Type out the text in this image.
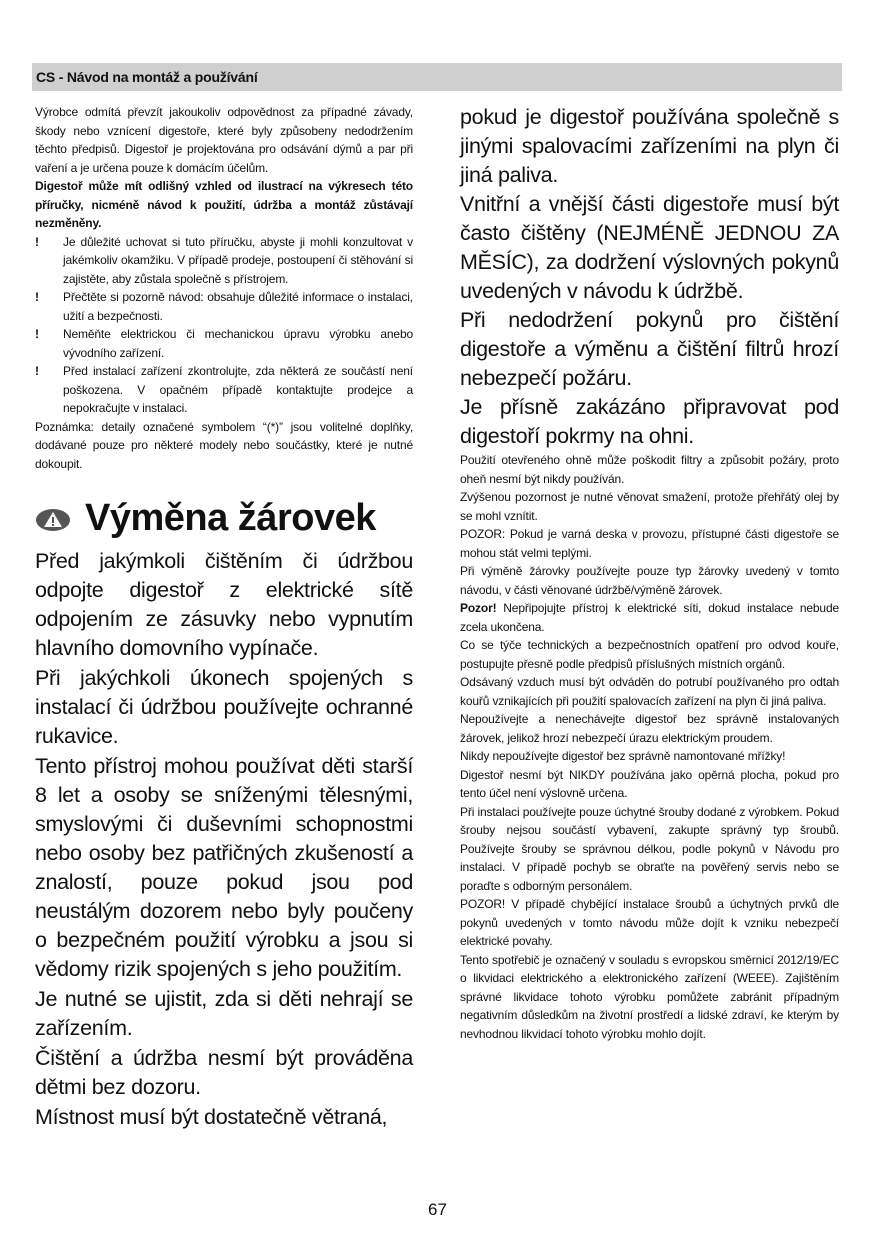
CS - Návod na montáž a používání

Výrobce odmítá převzít jakoukoliv odpovědnost za případné závady, škody nebo vznícení digestoře, které byly způsobeny nedodržením těchto předpisů. Digestoř je projektována pro odsávání dýmů a par při vaření a je určena pouze k domácím účelům.

Digestoř může mít odlišný vzhled od ilustrací na výkresech této příručky, nicméně návod k použití, údržba a montáž zůstávají nezměněny.

! Je důležité uchovat si tuto příručku, abyste ji mohli konzultovat v jakémkoliv okamžiku. V případě prodeje, postoupení či stěhování si zajistěte, aby zůstala společně s přístrojem.
! Přečtěte si pozorně návod: obsahuje důležité informace o instalaci, užití a bezpečnosti.
! Neměňte elektrickou či mechanickou úpravu výrobku anebo vývodního zařízení.
! Před instalací zařízení zkontrolujte, zda některá ze součástí není poškozena. V opačném případě kontaktujte prodejce a nepokračujte v instalaci.

Poznámka: detaily označené symbolem “(*)” jsou volitelné doplňky, dodávané pouze pro některé modely nebo součástky, které je nutné dokoupit.

Výměna žárovek

Před jakýmkoli čištěním či údržbou odpojte digestoř z elektrické sítě odpojením ze zásuvky nebo vypnutím hlavního domovního vypínače.

Při jakýchkoli úkonech spojených s instalací či údržbou používejte ochranné rukavice.

Tento přístroj mohou používat děti starší 8 let a osoby se sníženými tělesnými, smyslovými či duševními schopnostmi nebo osoby bez patřičných zkušeností a znalostí, pouze pokud jsou pod neustálým dozorem nebo byly poučeny o bezpečném použití výrobku a jsou si vědomy rizik spojených s jeho použitím.

Je nutné se ujistit, zda si děti nehrají se zařízením.

Čištění a údržba nesmí být prováděna dětmi bez dozoru.

Místnost musí být dostatečně větraná,

pokud je digestoř používána společně s jinými spalovacími zařízeními na plyn či jiná paliva.

Vnitřní a vnější části digestoře musí být často čištěny (NEJMÉNĚ JEDNOU ZA MĚSÍC), za dodržení výslovných pokynů uvedených v návodu k údržbě.

Při nedodržení pokynů pro čištění digestoře a výměnu a čištění filtrů hrozí nebezpečí požáru.

Je přísně zakázáno připravovat pod digestoří pokrmy na ohni.

Použití otevřeného ohně může poškodit filtry a způsobit požáry, proto oheň nesmí být nikdy používán.

Zvýšenou pozornost je nutné věnovat smažení, protože přehřátý olej by se mohl vznítit.

POZOR: Pokud je varná deska v provozu, přístupné části digestoře se mohou stát velmi teplými.

Při výměně žárovky používejte pouze typ žárovky uvedený v tomto návodu, v části věnované údržbě/výměně žárovek.

Pozor! Nepřipojujte přístroj k elektrické síti, dokud instalace nebude zcela ukončena.

Co se týče technických a bezpečnostních opatření pro odvod kouře, postupujte přesně podle předpisů příslušných místních orgánů.

Odsávaný vzduch musí být odváděn do potrubí používaného pro odtah kouřů vznikajících při použití spalovacích zařízení na plyn či jiná paliva.

Nepoužívejte a nenechávejte digestoř bez správně instalovaných žárovek, jelikož hrozí nebezpečí úrazu elektrickým proudem.

Nikdy nepoužívejte digestoř bez správně namontované mřížky!

Digestoř nesmí být NIKDY používána jako opěrná plocha, pokud pro tento účel není výslovně určena.

Při instalaci používejte pouze úchytné šrouby dodané z výrobkem. Pokud šrouby nejsou součástí vybavení, zakupte správný typ šroubů. Používejte šrouby se správnou délkou, podle pokynů v Návodu pro instalaci. V případě pochyb se obraťte na pověřený servis nebo se poraďte s odborným personálem.

POZOR! V případě chybějící instalace šroubů a úchytných prvků dle pokynů uvedených v tomto návodu může dojít k vzniku nebezpečí elektrické povahy.

Tento spotřebič je označený v souladu s evropskou směrnicí 2012/19/EC o likvidaci elektrického a elektronického zařízení (WEEE). Zajištěním správné likvidace tohoto výrobku pomůžete zabránit případným negativním důsledkům na životní prostředí a lidské zdraví, ke kterým by nevhodnou likvidací tohoto výrobku mohlo dojít.

67
